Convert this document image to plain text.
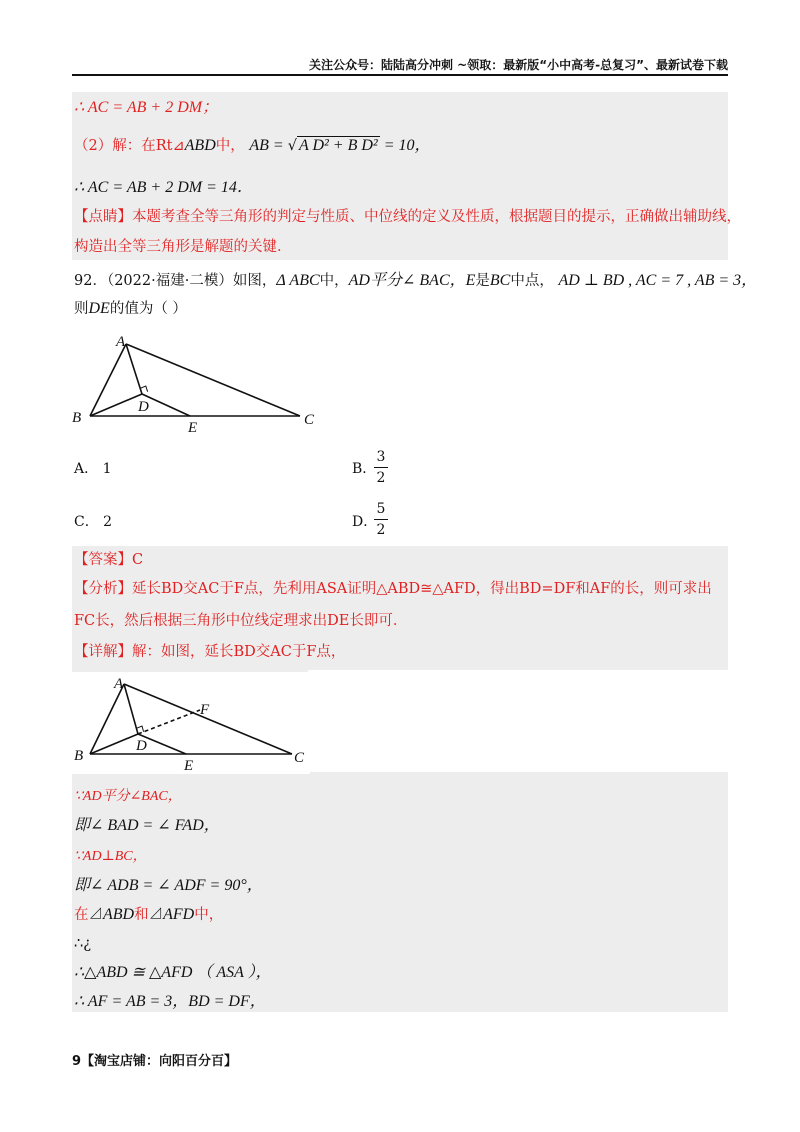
关注公众号：陆陆高分冲刺 ~领取：最新版“小中高考-总复习”、最新试卷下载
∴ AC = AB + 2 DM；
（2）解：在Rt⊿ABD中， AB = √ A D² + B D² = 10，
∴ AC = AB + 2 DM = 14．
【点睛】本题考查全等三角形的判定与性质、中位线的定义及性质，根据题目的提示，正确做出辅助线，
构造出全等三角形是解题的关键．
92．（2022·福建·二模）如图，Δ ABC中，AD平分∠ BAC，E是BC中点， AD ⊥ BD , AC = 7 , AB = 3，
则DE的值为（ ）
A
B	C
D
E
A． 1	B．
3
2
C． 2	D．
5
2
【答案】C
【分析】延长BD交AC于F点，先利用ASA证明△ABD≅△AFD，得出BD=DF和AF的长，则可求出
FC长，然后根据三角形中位线定理求出DE长即可．
【详解】解：如图，延长BD交AC于F点，
A
B	C
D
E
F
∵AD平分∠BAC，
即∠ BAD = ∠ FAD，
∵AD⊥BC，
即∠ ADB = ∠ ADF = 90°，
在⊿ABD和⊿AFD中，
∴¿
∴△ABD ≅ △AFD （ ASA ），
∴ AF = AB = 3，BD = DF，
9【淘宝店铺：向阳百分百】
